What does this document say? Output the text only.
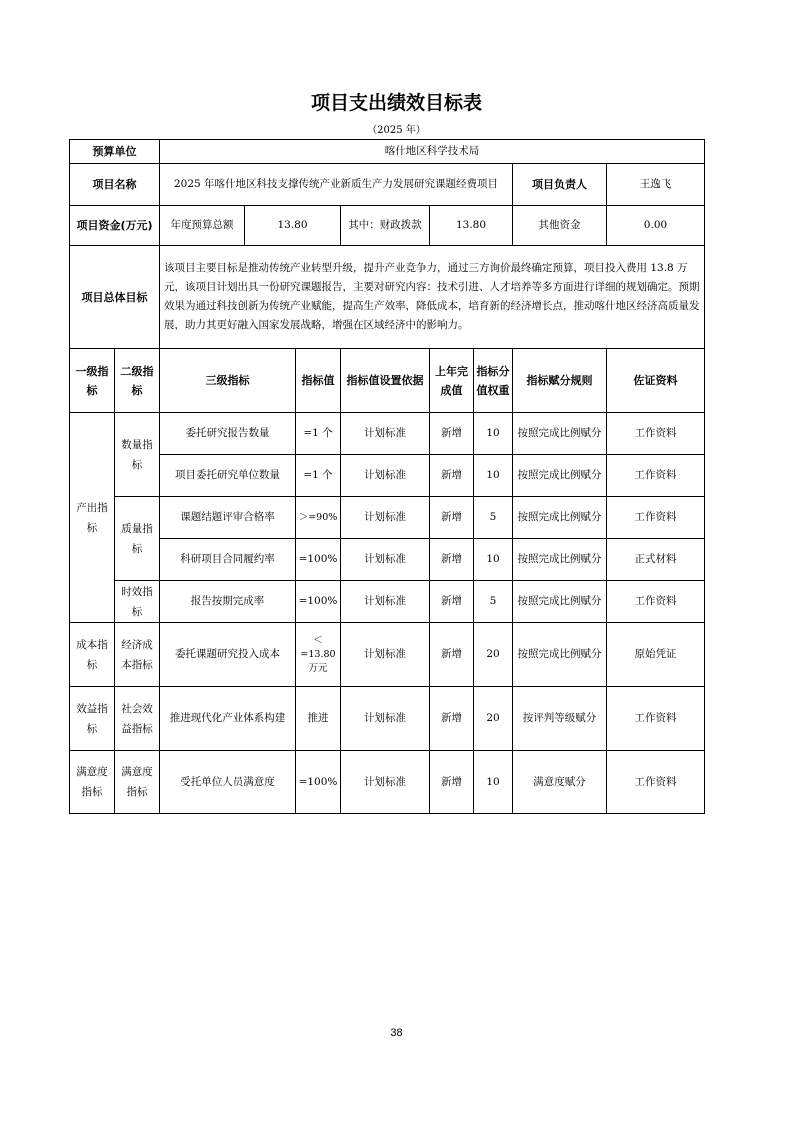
项目支出绩效目标表
（2025 年）
预算单位		喀什地区科学技术局							
项目名称		2025 年喀什地区科技支撑传统产业新质生产力发展研究课题经费项目						项目负责人	王逸飞
项目资金(万元)		年度预算总额	13.80		其中：财政拨款	13.80		其他资金	0.00
项目总体目标		该项目主要目标是推动传统产业转型升级，提升产业竞争力，通过三方询价最终确定预算，项目投入费用 13.8 万元，该项目计划出具一份研究课题报告，主要对研究内容：技术引进、人才培养等多方面进行详细的规划确定。预期效果为通过科技创新为传统产业赋能，提高生产效率，降低成本，培育新的经济增长点，推动喀什地区经济高质量发展，助力其更好融入国家发展战略，增强在区域经济中的影响力。							
一级指标	二级指标	三级指标		指标值	指标值设置依据	上年完成值	指标分值权重	指标赋分规则	佐证资料
产出指标	数量指标	委托研究报告数量		=1 个	计划标准	新增	10	按照完成比例赋分	工作资料
		项目委托研究单位数量		=1 个	计划标准	新增	10	按照完成比例赋分	工作资料
	质量指标	课题结题评审合格率		＞=90%	计划标准	新增	5	按照完成比例赋分	工作资料
		科研项目合同履约率		=100%	计划标准	新增	10	按照完成比例赋分	正式材料
	时效指标	报告按期完成率		=100%	计划标准	新增	5	按照完成比例赋分	工作资料
成本指标	经济成本指标	委托课题研究投入成本		＜=13.80 万元	计划标准	新增	20	按照完成比例赋分	原始凭证
效益指标	社会效益指标	推进现代化产业体系构建		推进	计划标准	新增	20	按评判等级赋分	工作资料
满意度指标	满意度指标	受托单位人员满意度		=100%	计划标准	新增	10	满意度赋分	工作资料
38
